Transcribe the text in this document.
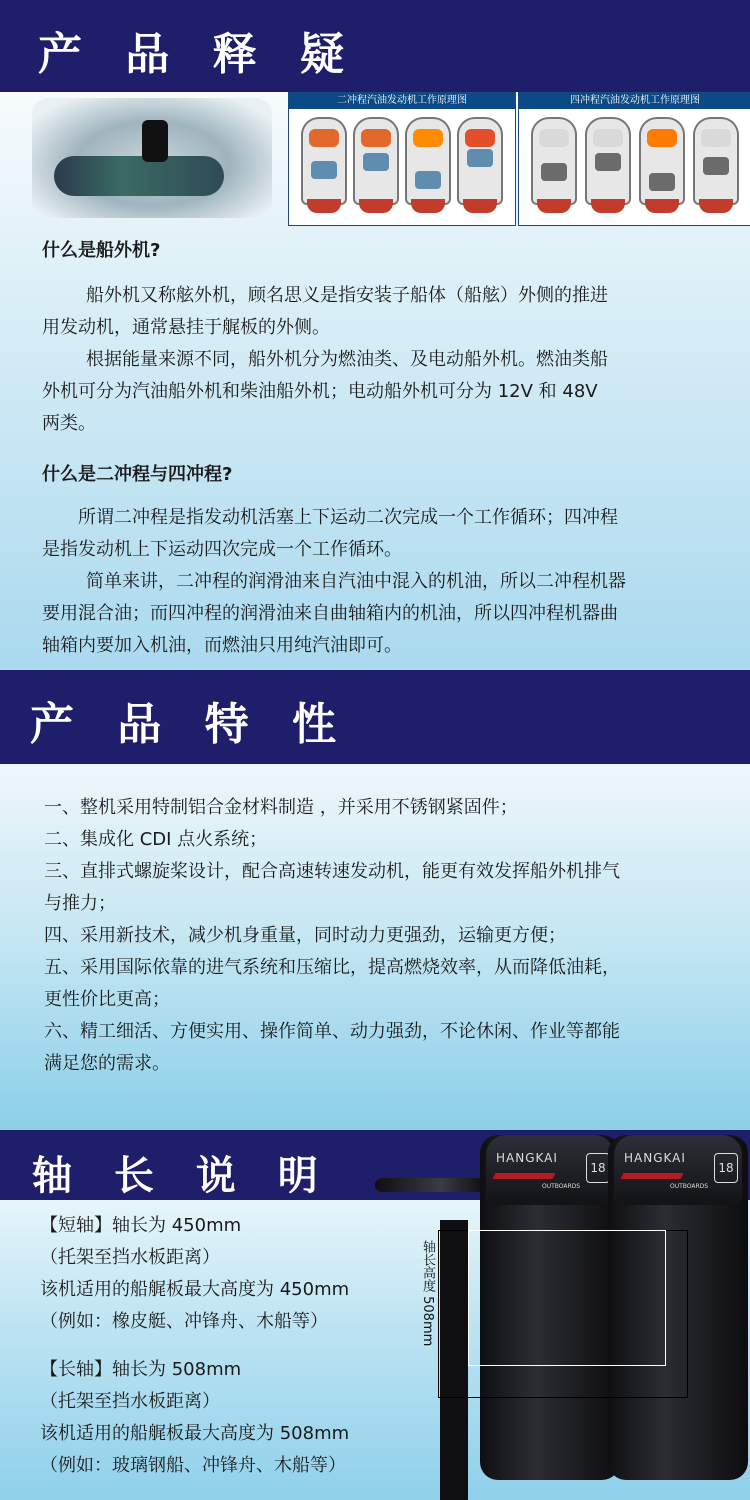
产 品 释 疑
二冲程汽油发动机工作原理图	四冲程汽油发动机工作原理图
什么是船外机?
船外机又称舷外机，顾名思义是指安装子船体（船舷）外侧的推进
用发动机，通常悬挂于艉板的外侧。
根据能量来源不同，船外机分为燃油类、及电动船外机。燃油类船
外机可分为汽油船外机和柴油船外机；电动船外机可分为 12V 和 48V
两类。
什么是二冲程与四冲程?
所谓二冲程是指发动机活塞上下运动二次完成一个工作循环；四冲程
是指发动机上下运动四次完成一个工作循环。
简单来讲，二冲程的润滑油来自汽油中混入的机油，所以二冲程机器
要用混合油；而四冲程的润滑油来自曲轴箱内的机油，所以四冲程机器曲
轴箱内要加入机油，而燃油只用纯汽油即可。
产 品 特 性
一、整机采用特制铝合金材料制造 ，并采用不锈钢紧固件；
二、集成化 CDI 点火系统；
三、直排式螺旋桨设计，配合高速转速发动机，能更有效发挥船外机排气
与推力；
四、采用新技术，减少机身重量，同时动力更强劲，运输更方便；
五、采用国际依靠的进气系统和压缩比，提高燃烧效率，从而降低油耗，
更性价比更高；
六、精工细活、方便实用、操作简单、动力强劲，不论休闲、作业等都能
满足您的需求。
轴 长 说 明
【短轴】轴长为 450mm
（托架至挡水板距离）
该机适用的船艉板最大高度为 450mm
（例如：橡皮艇、冲锋舟、木船等）
【长轴】轴长为 508mm
（托架至挡水板距离）
该机适用的船艉板最大高度为 508mm
（例如：玻璃钢船、冲锋舟、木船等）
HANGKAI
18
OUTBOARDS
HANGKAI
18
OUTBOARDS
轴长高度 450mm
轴长高度 508mm
